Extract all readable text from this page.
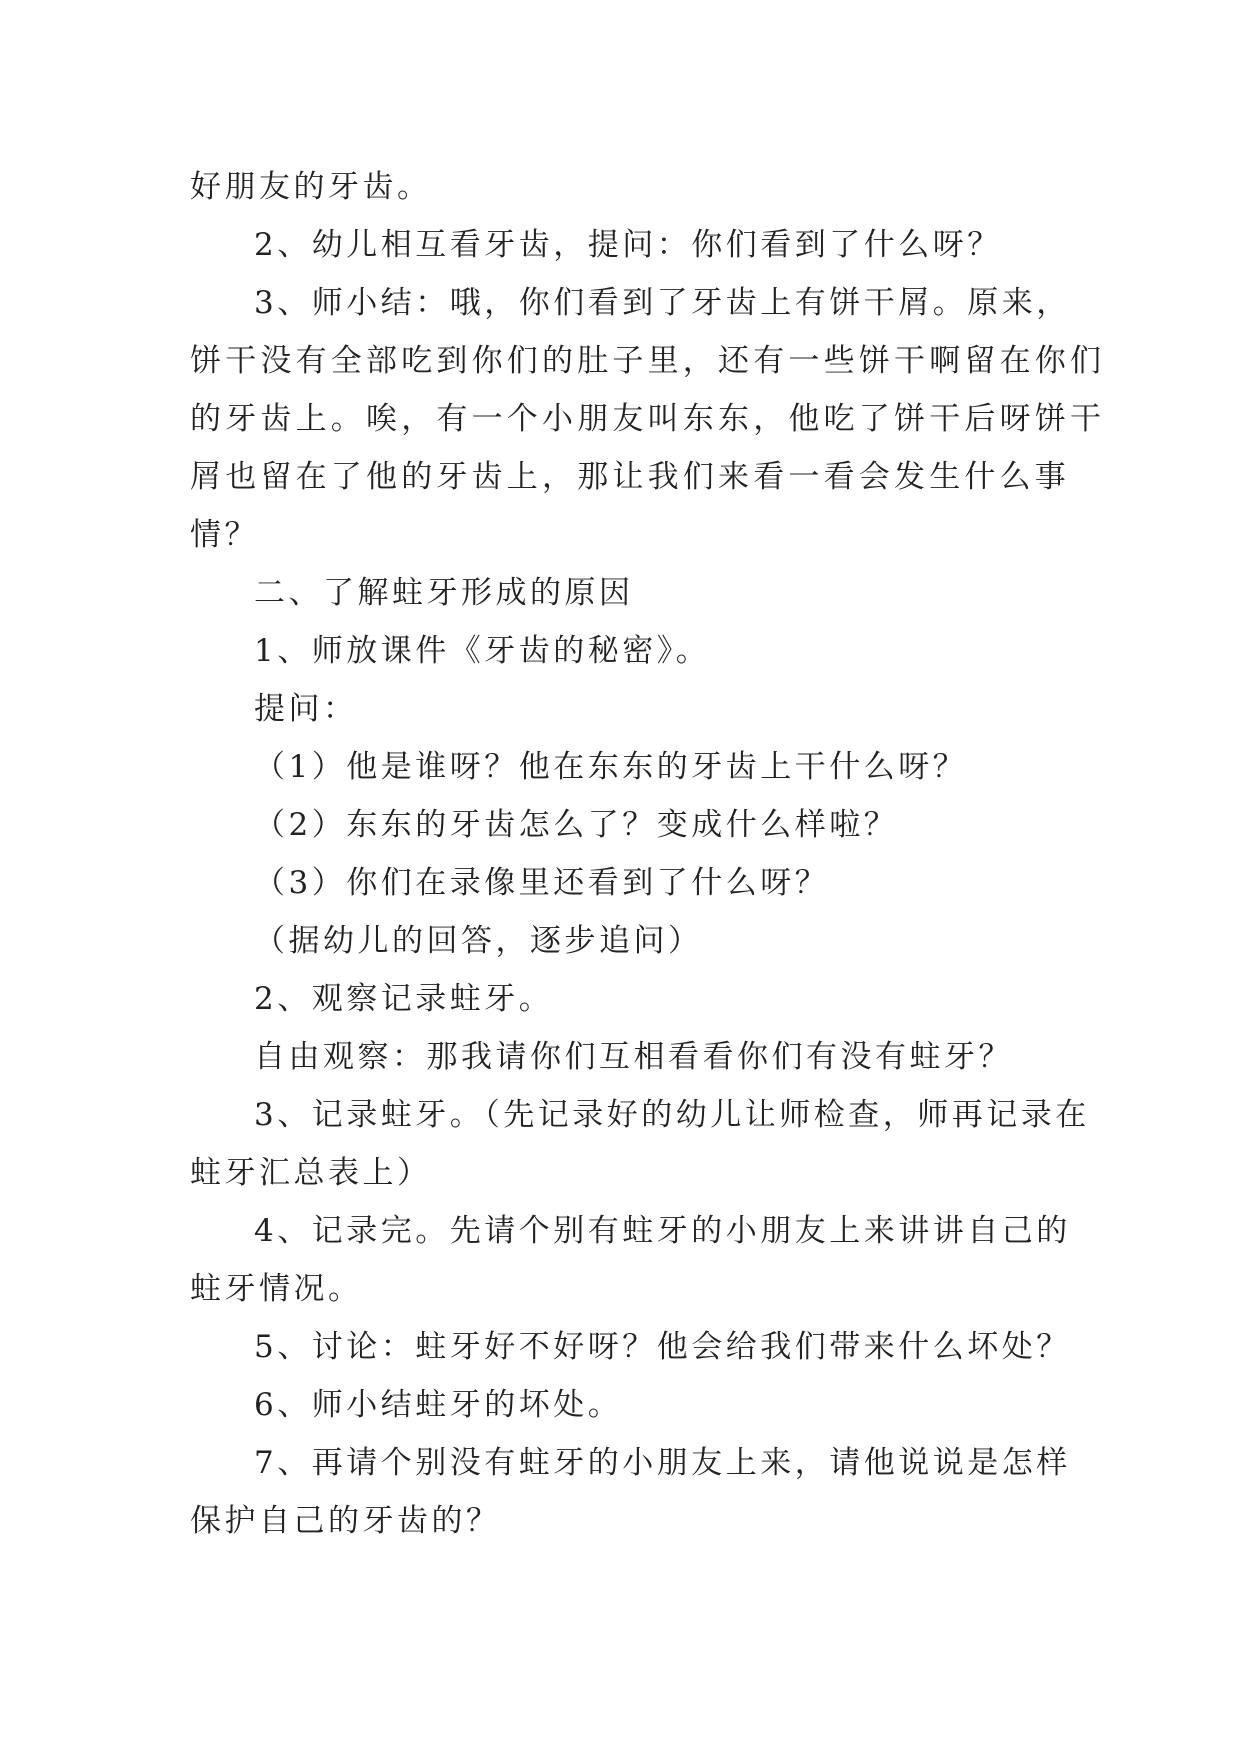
好朋友的牙齿。
2、幼儿相互看牙齿，提问：你们看到了什么呀？
3、师小结：哦，你们看到了牙齿上有饼干屑。原来，
饼干没有全部吃到你们的肚子里，还有一些饼干啊留在你们
的牙齿上。唉，有一个小朋友叫东东，他吃了饼干后呀饼干
屑也留在了他的牙齿上，那让我们来看一看会发生什么事
情？
二、了解蛀牙形成的原因
1、师放课件《牙齿的秘密》。
提问：
（1）他是谁呀？他在东东的牙齿上干什么呀？
（2）东东的牙齿怎么了？变成什么样啦？
（3）你们在录像里还看到了什么呀？
（据幼儿的回答，逐步追问）
2、观察记录蛀牙。
自由观察：那我请你们互相看看你们有没有蛀牙？
3、记录蛀牙。（先记录好的幼儿让师检查，师再记录在
蛀牙汇总表上）
4、记录完。先请个别有蛀牙的小朋友上来讲讲自己的
蛀牙情况。
5、讨论：蛀牙好不好呀？他会给我们带来什么坏处？
6、师小结蛀牙的坏处。
7、再请个别没有蛀牙的小朋友上来，请他说说是怎样
保护自己的牙齿的？
